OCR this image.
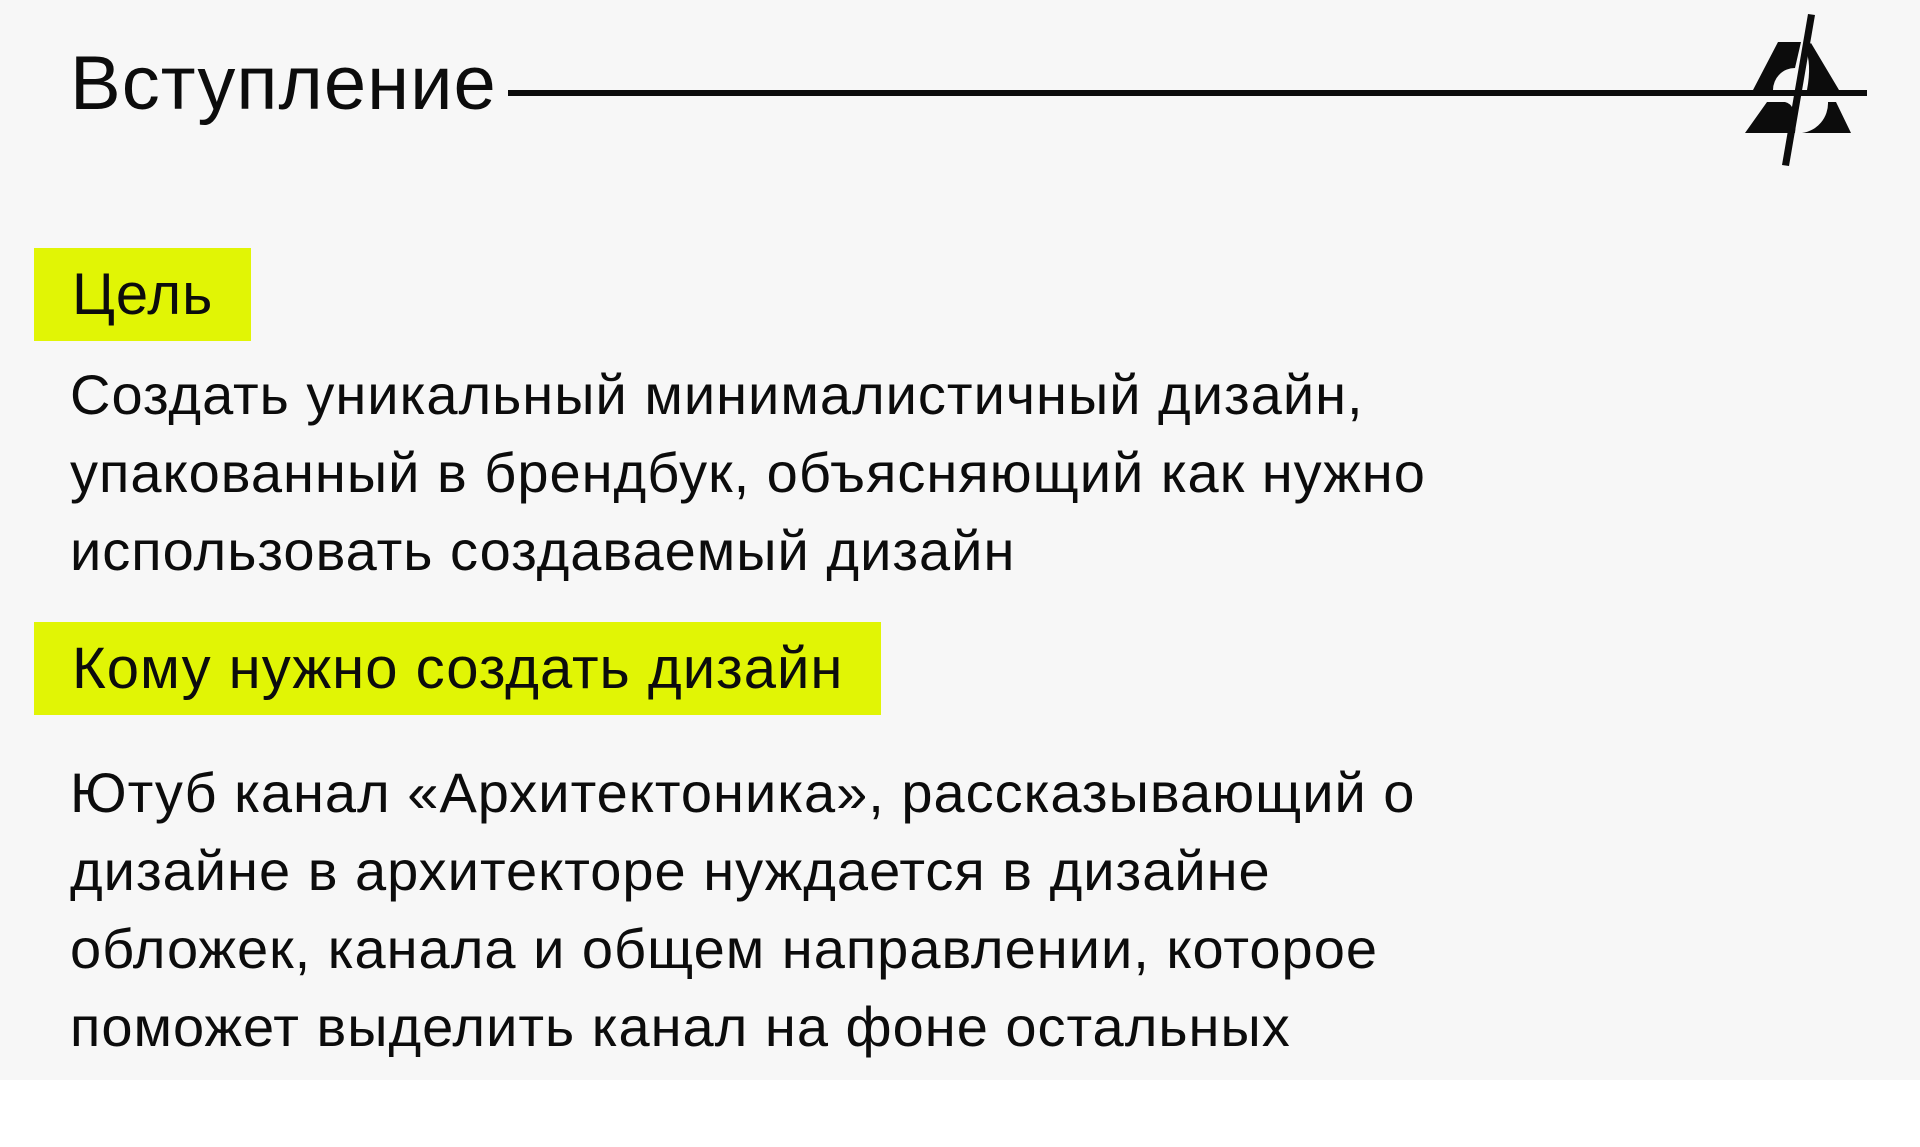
Вступление
Цель

Создать уникальный минималистичный дизайн,
упакованный в брендбук, объясняющий как нужно
использовать создаваемый дизайн

Кому нужно создать дизайн

Ютуб канал «Архитектоника», рассказывающий о
дизайне в архитекторе нуждается в дизайне
обложек, канала и общем направлении, которое
поможет выделить канал на фоне остальных
